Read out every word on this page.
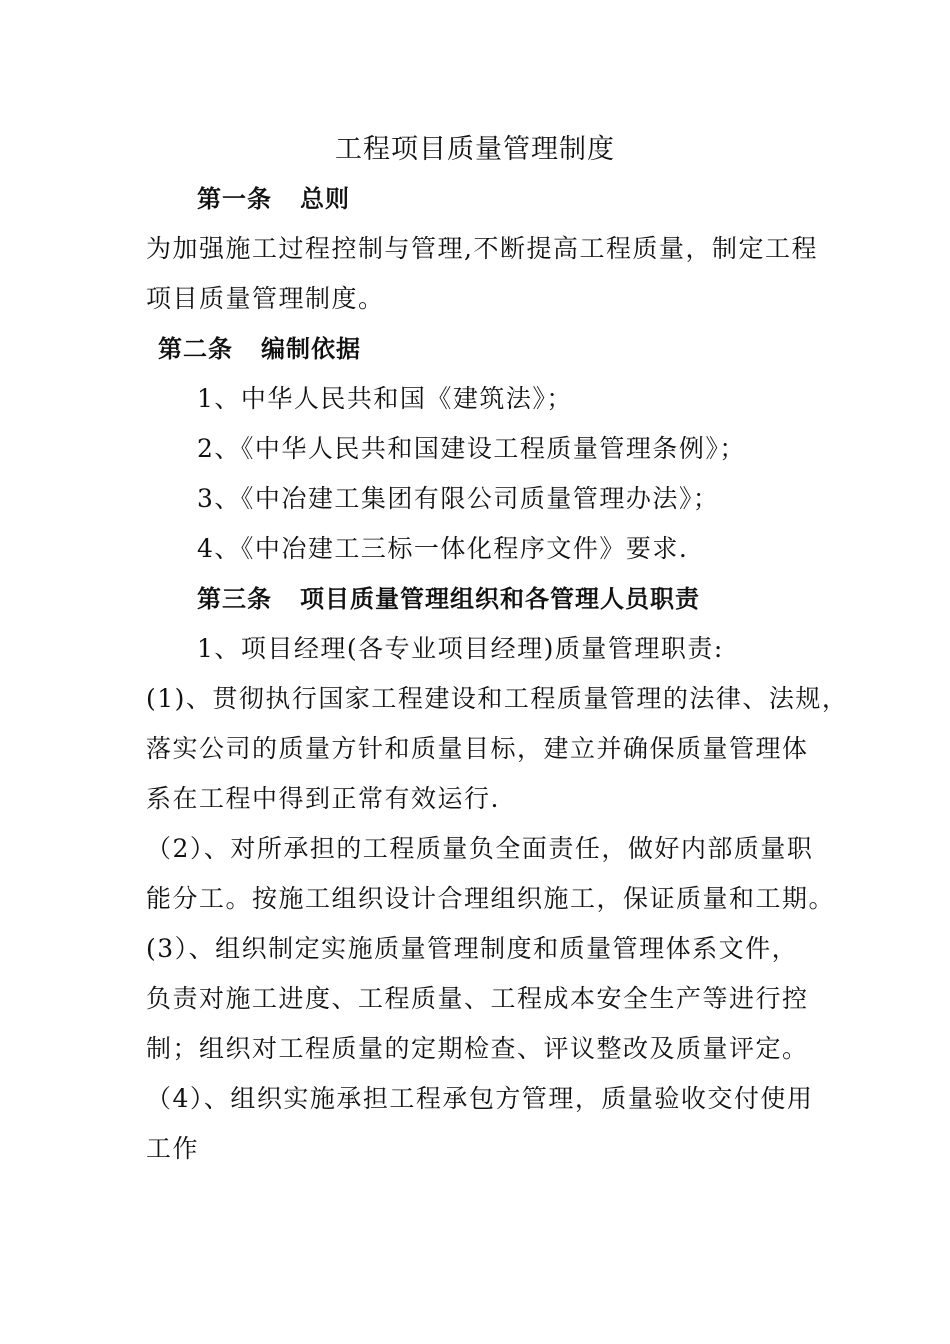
工程项目质量管理制度
第一条 总则
为加强施工过程控制与管理,不断提高工程质量，制定工程
项目质量管理制度。
第二条 编制依据
1、中华人民共和国《建筑法》；
2、《中华人民共和国建设工程质量管理条例》；
3、《中冶建工集团有限公司质量管理办法》；
4、《中冶建工三标一体化程序文件》要求.
第三条 项目质量管理组织和各管理人员职责
1、项目经理(各专业项目经理)质量管理职责:
(1)、贯彻执行国家工程建设和工程质量管理的法律、法规，
落实公司的质量方针和质量目标，建立并确保质量管理体
系在工程中得到正常有效运行.
（2）、对所承担的工程质量负全面责任，做好内部质量职
能分工。按施工组织设计合理组织施工，保证质量和工期。
(3）、组织制定实施质量管理制度和质量管理体系文件，
负责对施工进度、工程质量、工程成本安全生产等进行控
制；组织对工程质量的定期检查、评议整改及质量评定。
（4）、组织实施承担工程承包方管理，质量验收交付使用
工作
